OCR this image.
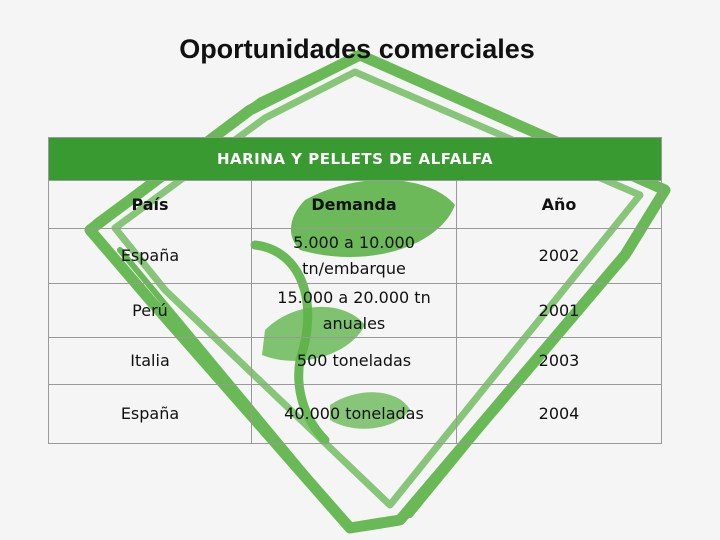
Oportunidades comerciales
HARINA Y PELLETS DE ALFALFA		
País	Demanda	Año
España	5.000 a 10.000 tn/embarque	2002
Perú	15.000 a 20.000 tn anuales	2001
Italia	500 toneladas	2003
España	40.000 toneladas	2004
